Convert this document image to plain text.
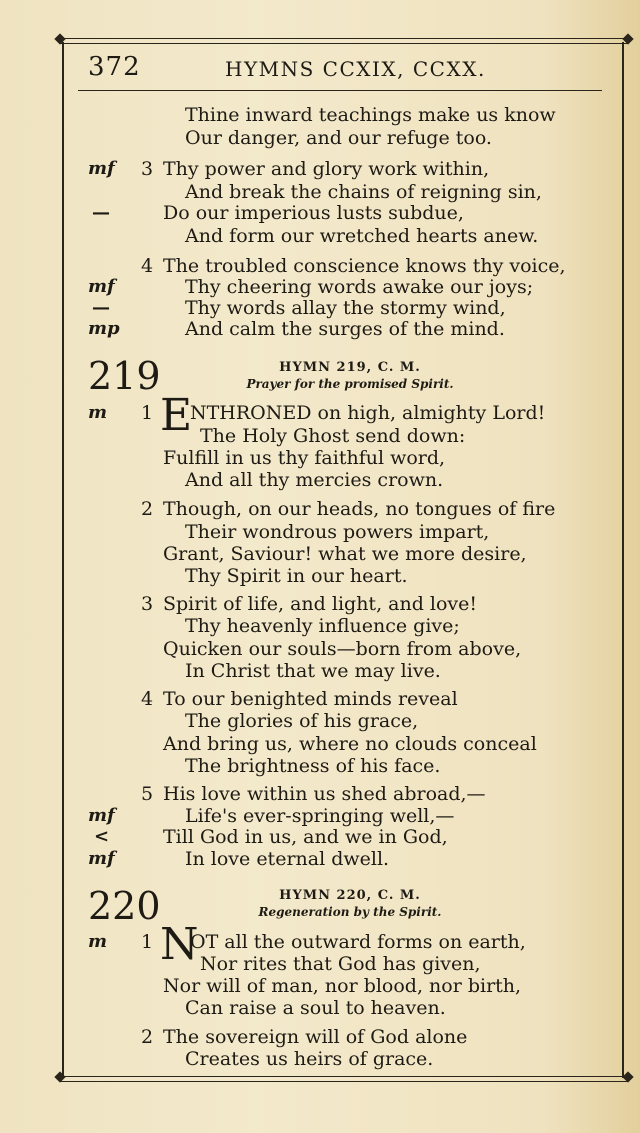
372	HYMNS CCXIX, CCXX.
Thine inward teachings make us know
Our danger, and our refuge too.
mf 3 Thy power and glory work within,
And break the chains of reigning sin,
—	Do our imperious lusts subdue,
And form our wretched hearts anew.
4 The troubled conscience knows thy voice,
mf	Thy cheering words awake our joys;
—	Thy words allay the stormy wind,
mp	And calm the surges of the mind.
219	HYMN 219, C. M.
Prayer for the promised Spirit.
m 1 E
NTHRONED on high, almighty Lord!
The Holy Ghost send down:
Fulfill in us thy faithful word,
And all thy mercies crown.
2 Though, on our heads, no tongues of fire
Their wondrous powers impart,
Grant, Saviour! what we more desire,
Thy Spirit in our heart.
3 Spirit of life, and light, and love!
Thy heavenly influence give;
Quicken our souls—born from above,
In Christ that we may live.
4 To our benighted minds reveal
The glories of his grace,
And bring us, where no clouds conceal
The brightness of his face.
5 His love within us shed abroad,—
mf	Life's ever-springing well,—
<	Till God in us, and we in God,
mf	In love eternal dwell.
220	HYMN 220, C. M.
Regeneration by the Spirit.
m 1 N
OT all the outward forms on earth,
Nor rites that God has given,
Nor will of man, nor blood, nor birth,
Can raise a soul to heaven.
2 The sovereign will of God alone
Creates us heirs of grace.
